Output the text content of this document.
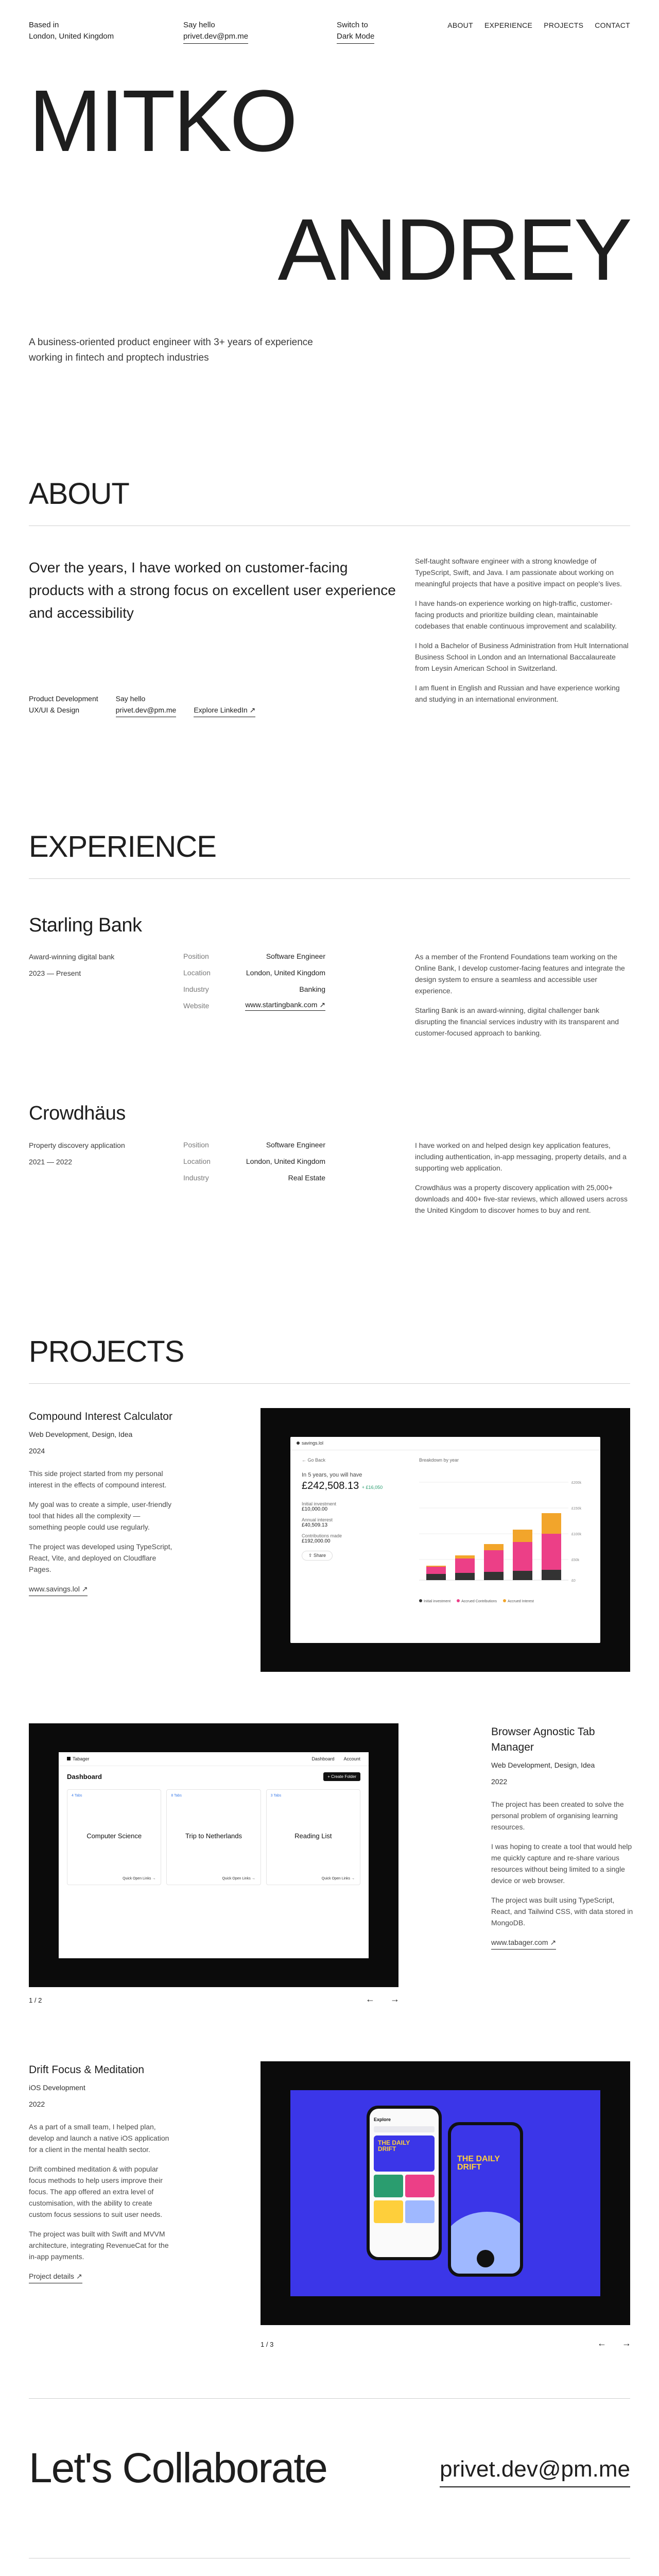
Based in
London, United Kingdom
Say hello
privet.dev@pm.me
Switch to
Dark Mode
ABOUT EXPERIENCE PROJECTS CONTACT
MITKO
ANDREY
A business-oriented product engineer with 3+ years of experience working in fintech and proptech industries
ABOUT
Over the years, I have worked on customer-facing products with a strong focus on excellent user experience and accessibility
Product Development
UX/UI & Design
Say hello
privet.dev@pm.me Explore LinkedIn ↗

Self-taught software engineer with a strong knowledge of TypeScript, Swift, and Java. I am passionate about working on meaningful projects that have a positive impact on people's lives.

I have hands-on experience working on high-traffic, customer-facing products and prioritize building clean, maintainable codebases that enable continuous improvement and scalability.

I hold a Bachelor of Business Administration from Hult International Business School in London and an International Baccalaureate from Leysin American School in Switzerland.

I am fluent in English and Russian and have experience working and studying in an international environment.

EXPERIENCE
Starling Bank
Award-winning digital bank
2023 — Present
Position	Software Engineer
Location	London, United Kingdom
Industry	Banking
Website	www.startingbank.com ↗

As a member of the Frontend Foundations team working on the Online Bank, I develop customer-facing features and integrate the design system to ensure a seamless and accessible user experience.

Starling Bank is an award-winning, digital challenger bank disrupting the financial services industry with its transparent and customer-focused approach to banking.

Crowdhäus
Property discovery application
2021 — 2022
Position	Software Engineer
Location	London, United Kingdom
Industry	Real Estate

I have worked on and helped design key application features, including authentication, in-app messaging, property details, and a supporting web application.

Crowdhäus was a property discovery application with 25,000+ downloads and 400+ five-star reviews, which allowed users across the United Kingdom to discover homes to buy and rent.

PROJECTS
Compound Interest Calculator
Web Development, Design, Idea
2024

This side project started from my personal interest in the effects of compound interest.

My goal was to create a simple, user-friendly tool that hides all the complexity — something people could use regularly.

The project was developed using TypeScript, React, Vite, and deployed on Cloudflare Pages.

www.savings.lol ↗
savings.lol
← Go Back
In 5 years, you will have
£242,508.13 + £16,050
Initial investment
£10,000.00
Annual interest
£40,509.13
Contributions made
£192,000.00
⇪ Share
Breakdown by year
£200k
£150k
£100k
£50k
£0
Initial investment	Accrued Contributions	Accrued Interest
Tabager	Dashboard Account
Dashboard	+ Create Folder
4 Tabs
Computer Science
Quick Open Links →
8 Tabs
Trip to Netherlands
Quick Open Links →
3 Tabs
Reading List
Quick Open Links →
1 / 2	← →
Browser Agnostic Tab Manager
Web Development, Design, Idea
2022

The project has been created to solve the personal problem of organising learning resources.

I was hoping to create a tool that would help me quickly capture and re-share various resources without being limited to a single device or web browser.

The project was built using TypeScript, React, and Tailwind CSS, with data stored in MongoDB.

www.tabager.com ↗
Drift Focus & Meditation
iOS Development
2022

As a part of a small team, I helped plan, develop and launch a native iOS application for a client in the mental health sector.

Drift combined meditation & with popular focus methods to help users improve their focus. The app offered an extra level of customisation, with the ability to create custom focus sessions to suit user needs.

The project was built with Swift and MVVM architecture, integrating RevenueCat for the in-app payments.

Project details ↗
Explore
THE DAILY
DRIFT
THE DAILY
DRIFT
1 / 3	← →
Let's Collaborate	privet.dev@pm.me
